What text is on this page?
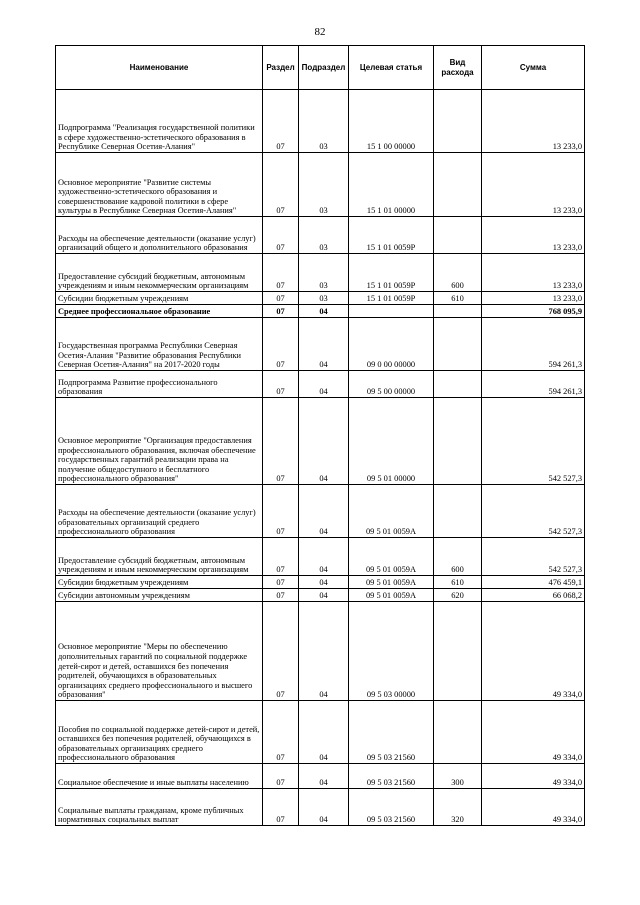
82
Наименование	Раздел	Подраздел	Целевая статья	Вид расхода	Сумма
Подпрограмма "Реализация государственной политики в сфере художественно-эстетического образования в Республике Северная Осетия-Алания"	07	03	15 1 00 00000		13 233,0
Основное мероприятие "Развитие системы художественно-эстетического образования и совершенствование кадровой политики в сфере культуры в Республике Северная Осетия-Алания"	07	03	15 1 01 00000		13 233,0
Расходы на обеспечение деятельности (оказание услуг) организаций общего и дополнительного образования	07	03	15 1 01 0059Р		13 233,0
Предоставление субсидий бюджетным, автономным учреждениям и иным некоммерческим организациям	07	03	15 1 01 0059Р	600	13 233,0
Субсидии бюджетным учреждениям	07	03	15 1 01 0059Р	610	13 233,0
Среднее профессиональное образование	07	04			768 095,9
Государственная программа Республики Северная Осетия-Алания "Развитие образования Республики Северная Осетия-Алания" на 2017-2020 годы	07	04	09 0 00 00000		594 261,3
Подпрограмма Развитие профессионального образования	07	04	09 5 00 00000		594 261,3
Основное мероприятие "Организация предоставления профессионального образования, включая обеспечение государственных гарантий реализации права на получение общедоступного и бесплатного профессионального образования"	07	04	09 5 01 00000		542 527,3
Расходы на обеспечение деятельности (оказание услуг) образовательных организаций среднего профессионального образования	07	04	09 5 01 0059А		542 527,3
Предоставление субсидий бюджетным, автономным учреждениям и иным некоммерческим организациям	07	04	09 5 01 0059А	600	542 527,3
Субсидии бюджетным учреждениям	07	04	09 5 01 0059А	610	476 459,1
Субсидии автономным учреждениям	07	04	09 5 01 0059А	620	66 068,2
Основное мероприятие "Меры по обеспечению дополнительных гарантий по социальной поддержке детей-сирот и детей, оставшихся без попечения родителей, обучающихся в образовательных организациях среднего профессионального и высшего образования"	07	04	09 5 03 00000		49 334,0
Пособия по социальной поддержке детей-сирот и детей, оставшихся без попечения родителей, обучающихся в образовательных организациях среднего профессионального образования	07	04	09 5 03 21560		49 334,0
Социальное обеспечение и иные выплаты населению	07	04	09 5 03 21560	300	49 334,0
Социальные выплаты гражданам, кроме публичных нормативных социальных выплат	07	04	09 5 03 21560	320	49 334,0
